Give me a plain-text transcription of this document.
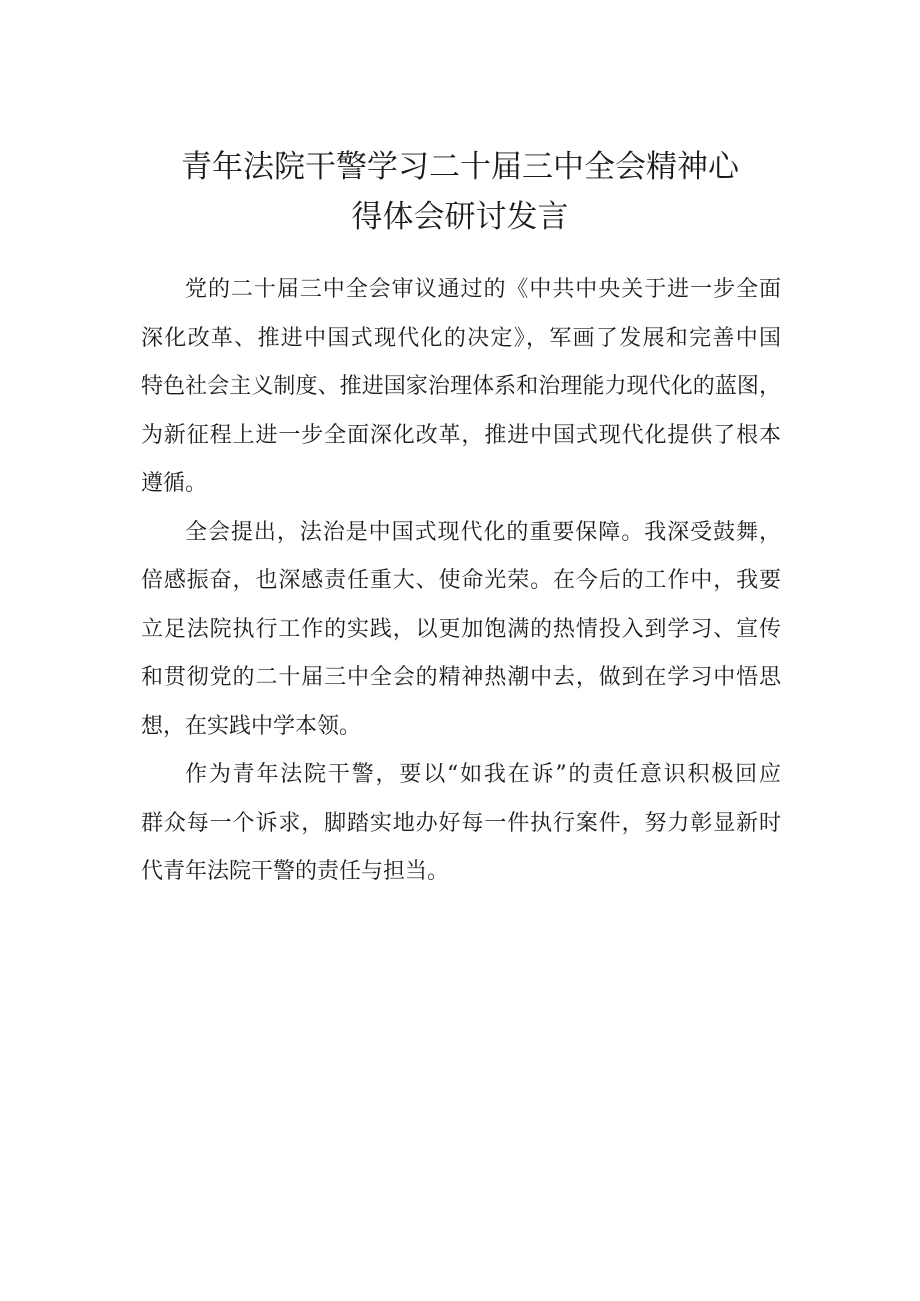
青年法院干警学习二十届三中全会精神心
得体会研讨发言

党的二十届三中全会审议通过的《中共中央关于进一步全面
深化改革、推进中国式现代化的决定》，军画了发展和完善中国
特色社会主义制度、推进国家治理体系和治理能力现代化的蓝图，
为新征程上进一步全面深化改革，推进中国式现代化提供了根本
遵循。

全会提出，法治是中国式现代化的重要保障。我深受鼓舞，
倍感振奋，也深感责任重大、使命光荣。在今后的工作中，我要
立足法院执行工作的实践，以更加饱满的热情投入到学习、宣传
和贯彻党的二十届三中全会的精神热潮中去，做到在学习中悟思
想，在实践中学本领。

作为青年法院干警，要以“如我在诉”的责任意识积极回应
群众每一个诉求，脚踏实地办好每一件执行案件，努力彰显新时
代青年法院干警的责任与担当。
